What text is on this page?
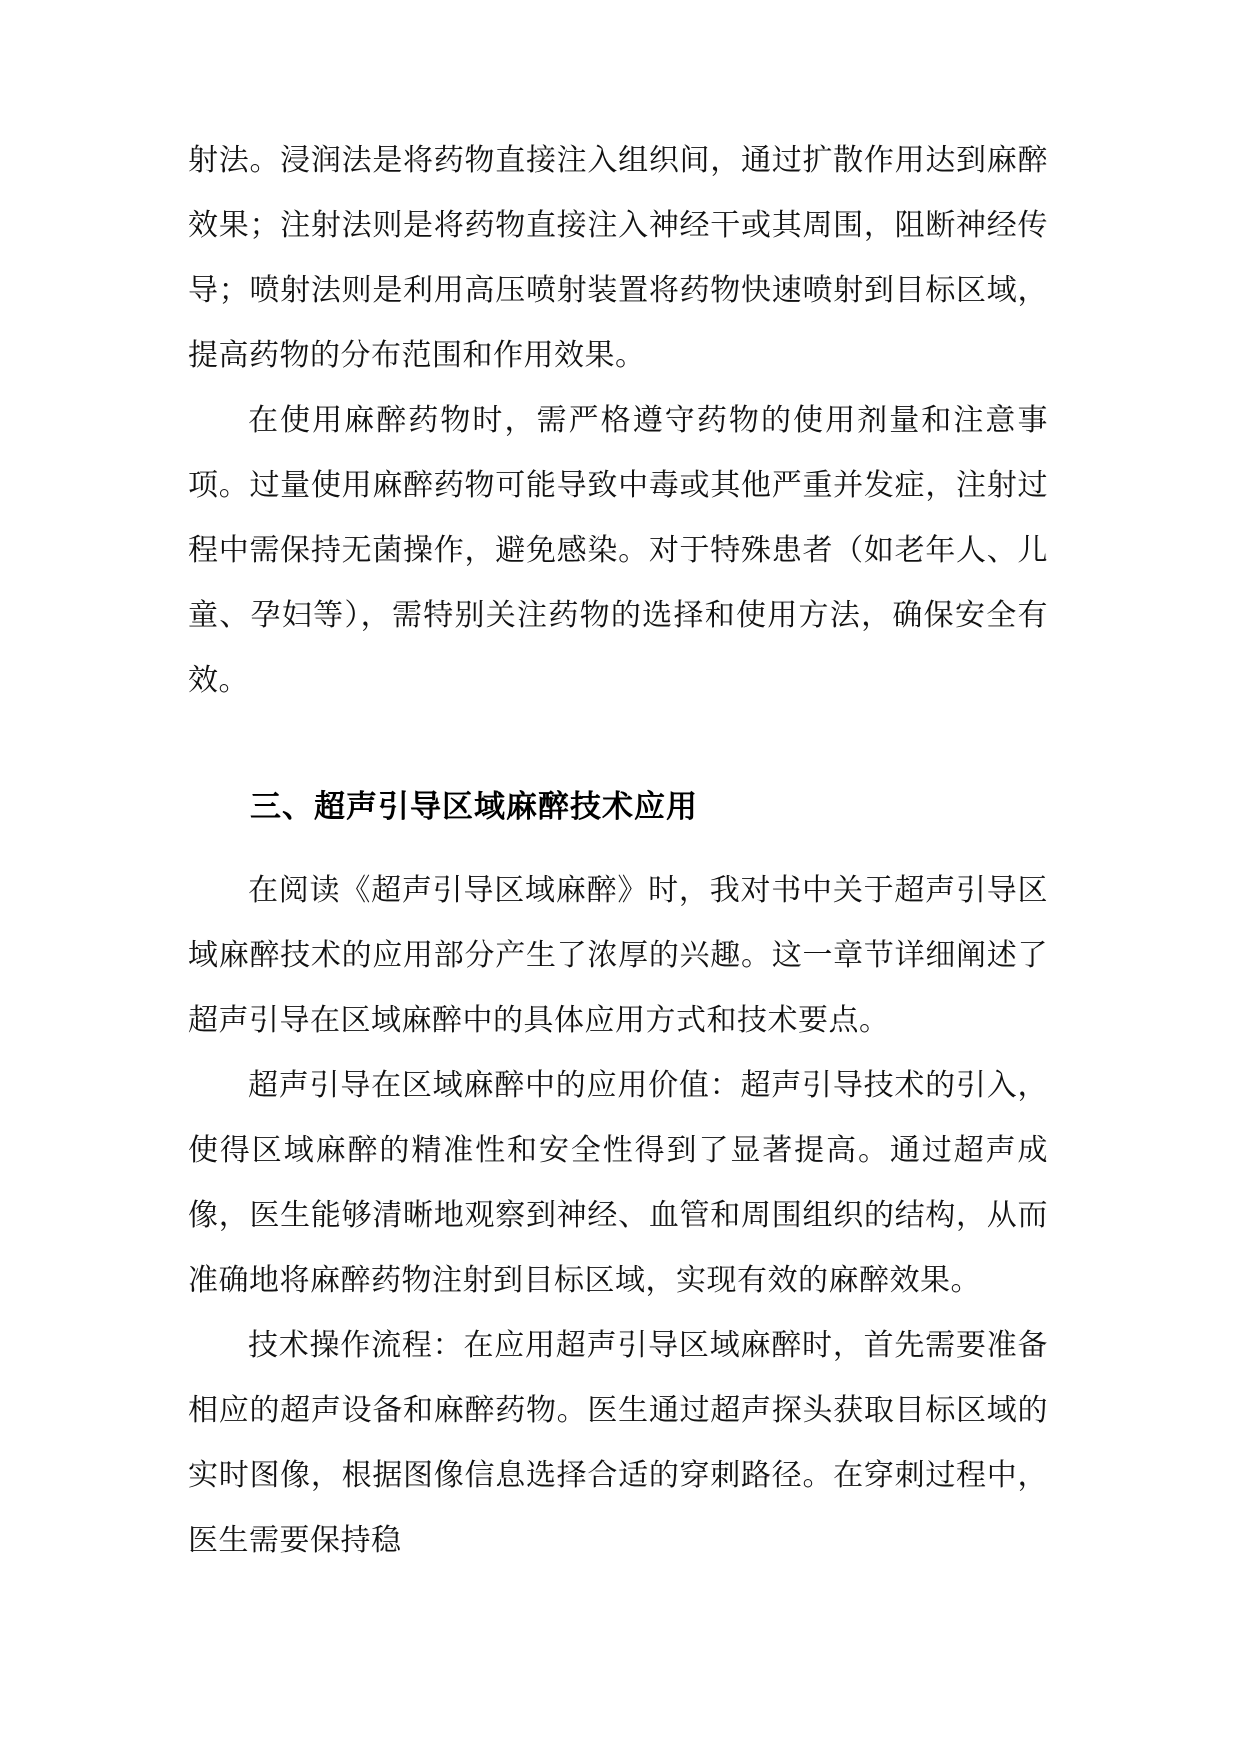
射法。浸润法是将药物直接注入组织间，通过扩散作用达到麻醉效果；注射法则是将药物直接注入神经干或其周围，阻断神经传导；喷射法则是利用高压喷射装置将药物快速喷射到目标区域，提高药物的分布范围和作用效果。

在使用麻醉药物时，需严格遵守药物的使用剂量和注意事项。过量使用麻醉药物可能导致中毒或其他严重并发症，注射过程中需保持无菌操作，避免感染。对于特殊患者（如老年人、儿童、孕妇等），需特别关注药物的选择和使用方法，确保安全有效。

三、超声引导区域麻醉技术应用

在阅读《超声引导区域麻醉》时，我对书中关于超声引导区域麻醉技术的应用部分产生了浓厚的兴趣。这一章节详细阐述了超声引导在区域麻醉中的具体应用方式和技术要点。

超声引导在区域麻醉中的应用价值：超声引导技术的引入，使得区域麻醉的精准性和安全性得到了显著提高。通过超声成像，医生能够清晰地观察到神经、血管和周围组织的结构，从而准确地将麻醉药物注射到目标区域，实现有效的麻醉效果。

技术操作流程：在应用超声引导区域麻醉时，首先需要准备相应的超声设备和麻醉药物。医生通过超声探头获取目标区域的实时图像，根据图像信息选择合适的穿刺路径。在穿刺过程中，医生需要保持稳
